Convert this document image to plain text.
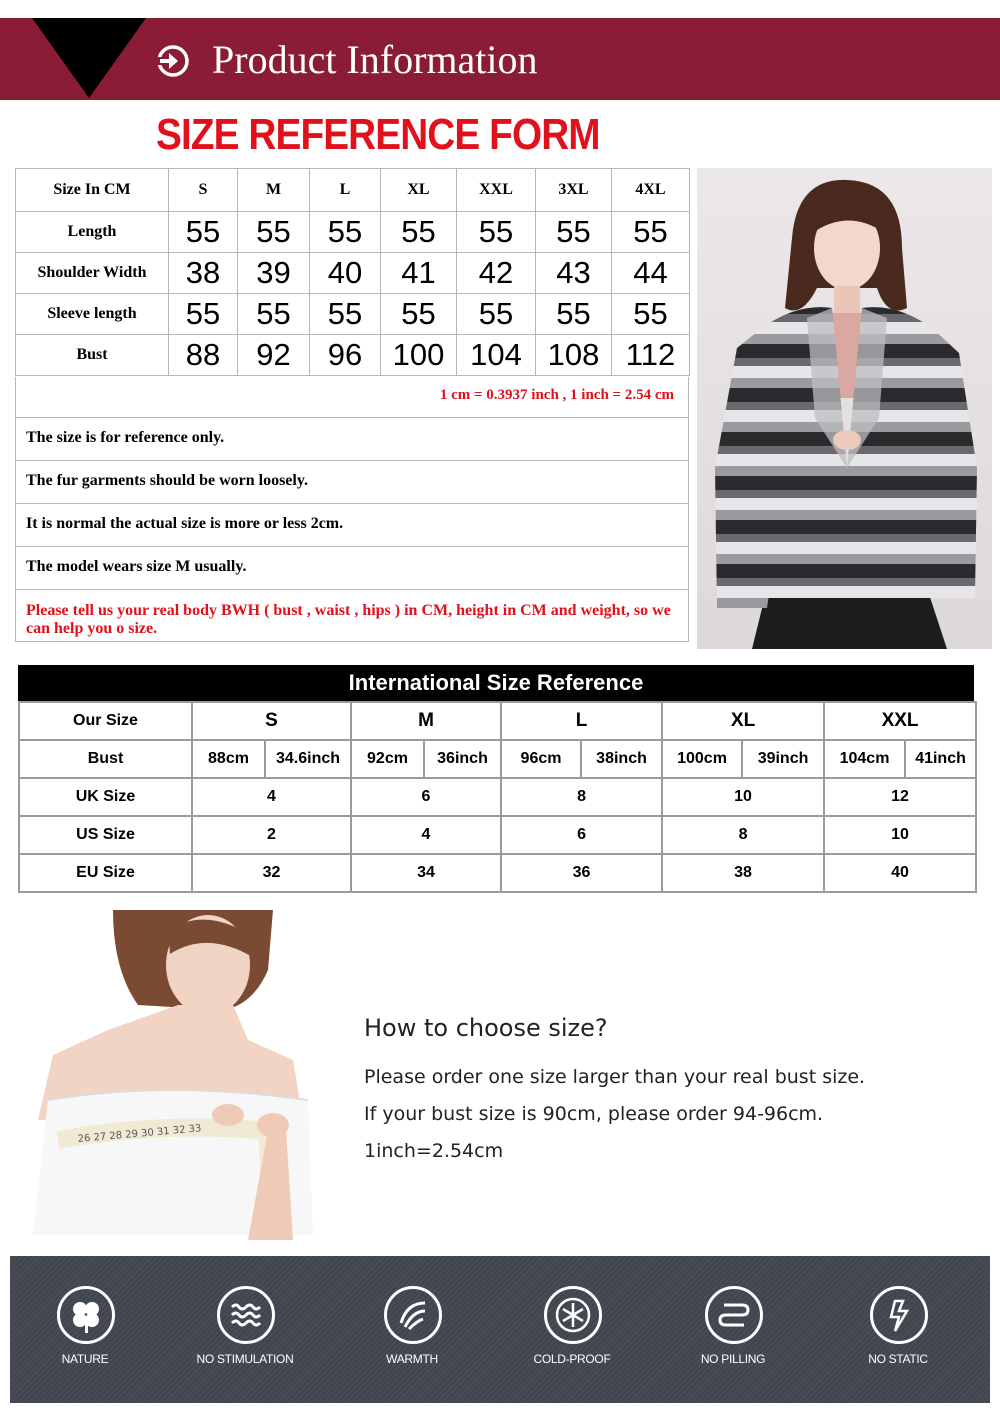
Product Information
SIZE REFERENCE FORM
Size In CM	S	M	L	XL	XXL	3XL	4XL
Length	55	55	55	55	55	55	55
Shoulder Width	38	39	40	41	42	43	44
Sleeve length	55	55	55	55	55	55	55
Bust	88	92	96	100	104	108	112
1 cm = 0.3937 inch , 1 inch = 2.54 cm
The size is for reference only.
The fur garments should be worn loosely.
It is normal the actual size is more or less 2cm.
The model wears size M usually.
Please tell us your real body BWH ( bust , waist , hips ) in CM, height in CM and weight, so we
can help you o size.
International Size Reference
Our Size	S		M		L		XL		XXL	
Bust	88cm	34.6inch	92cm	36inch	96cm	38inch	100cm	39inch	104cm	41inch
UK Size	4		6		8		10		12	
US Size	2		4		6		8		10	
EU Size	32		34		36		38		40	
26 27 28 29 30 31 32 33
How to choose size?
Please order one size larger than your real bust size.
If your bust size is 90cm, please order 94-96cm.
1inch=2.54cm
NATURE	NO STIMULATION	WARMTH	COLD-PROOF	NO PILLING	NO STATIC
